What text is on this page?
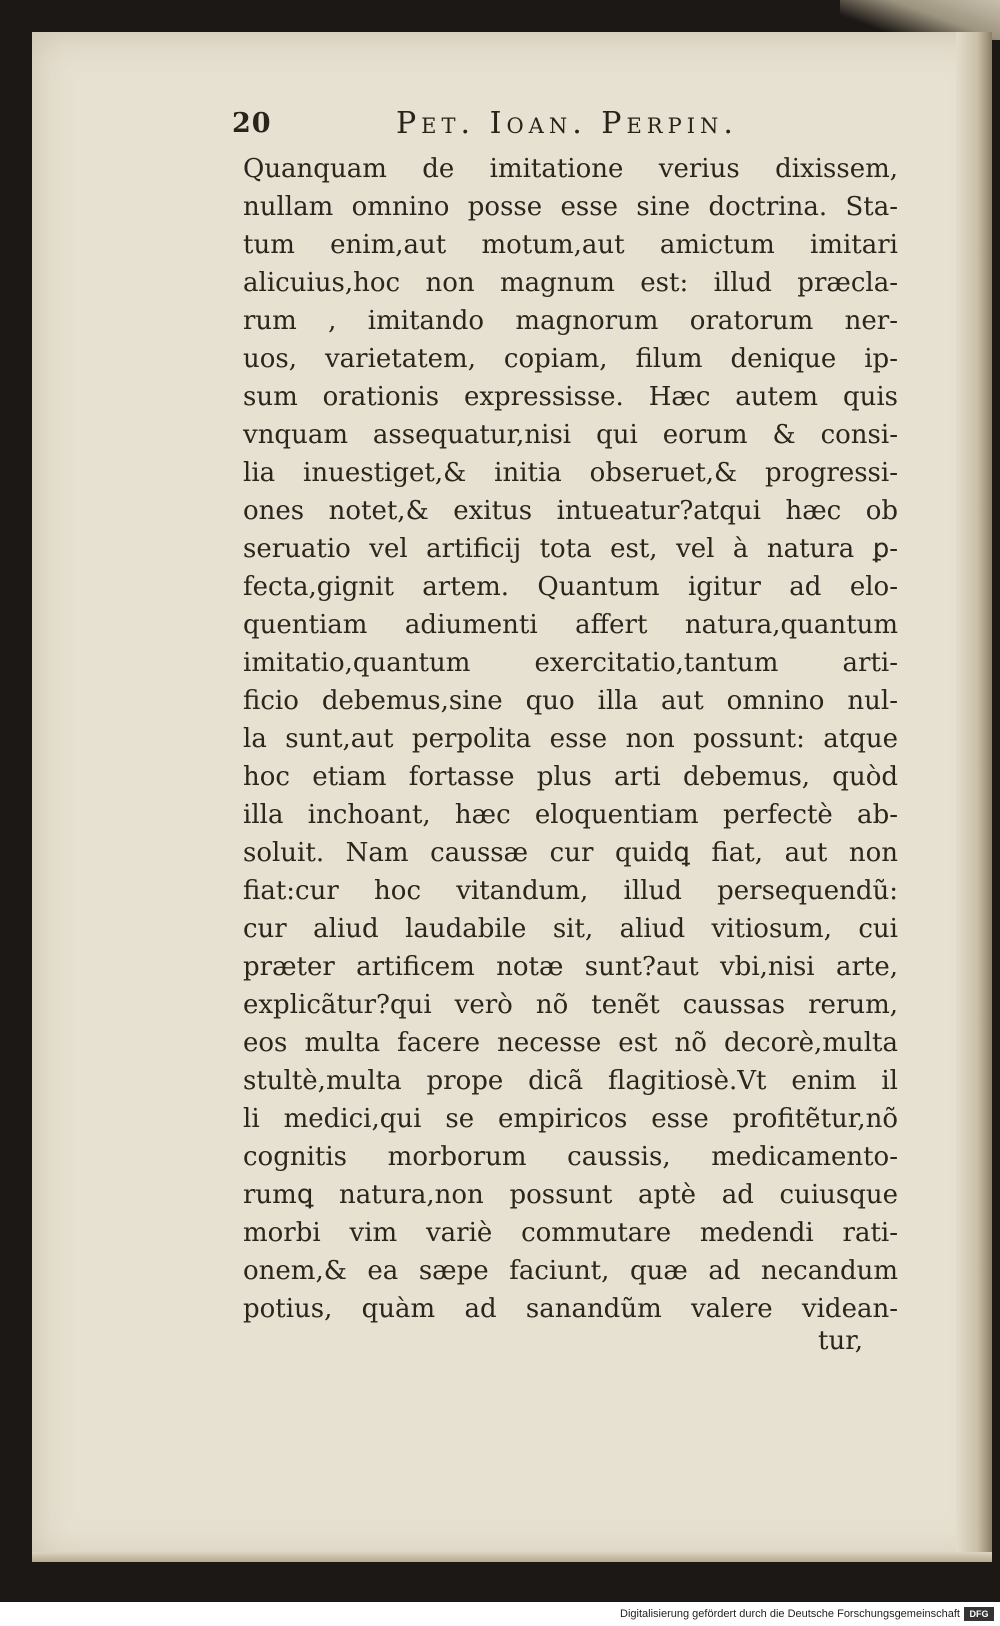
20	Pet. Ioan. Perpin.
Quanquam de imitatione verius dixissem,
nullam omnino posse esse sine doctrina. Sta-
tum enim,aut motum,aut amictum imitari
alicuius,hoc non magnum est: illud præcla-
rum , imitando magnorum oratorum ner-
uos, varietatem, copiam, filum denique ip-
sum orationis expressisse. Hæc autem quis
vnquam assequatur,nisi qui eorum & consi-
lia inuestiget,& initia obseruet,& progressi-
ones notet,& exitus intueatur?atqui hæc ob
seruatio vel artificij tota est, vel à natura ꝑ-
fecta,gignit artem. Quantum igitur ad elo-
quentiam adiumenti affert natura,quantum
imitatio,quantum exercitatio,tantum arti-
ficio debemus,sine quo illa aut omnino nul-
la sunt,aut perpolita esse non possunt: atque
hoc etiam fortasse plus arti debemus, quòd
illa inchoant, hæc eloquentiam perfectè ab-
soluit. Nam caussæ cur quidꝗ fiat, aut non
fiat:cur hoc vitandum, illud persequendũ:
cur aliud laudabile sit, aliud vitiosum, cui
præter artificem notæ sunt?aut vbi,nisi arte,
explicãtur?qui verò nõ tenẽt caussas rerum,
eos multa facere necesse est nõ decorè,multa
stultè,multa prope dicã flagitiosè.Vt enim il
li medici,qui se empiricos esse profitẽtur,nõ
cognitis morborum caussis, medicamento-
rumꝗ natura,non possunt aptè ad cuiusque
morbi vim variè commutare medendi rati-
onem,& ea sæpe faciunt, quæ ad necandum
potius, quàm ad sanandũm valere videan-
tur,
Digitalisierung gefördert durch die Deutsche Forschungsgemeinschaft	DFG
